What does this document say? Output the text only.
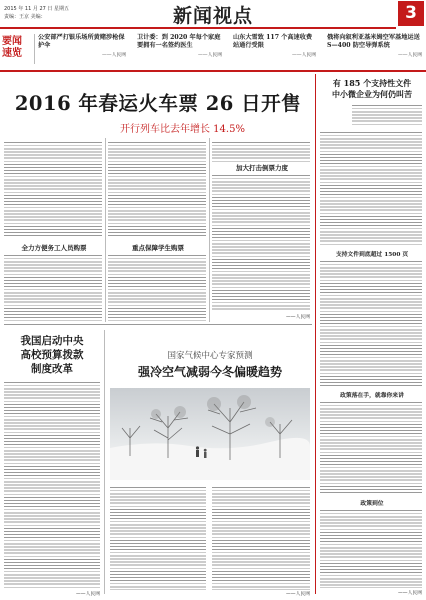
2015 年 11 月 27 日 星期五
责编：王京 美编：	新闻视点	3
要闻
速览
公安部严打银乐场所黄赌涉枪保护伞
——人民网
卫计委：到 2020 年每个家庭要拥有一名签约医生
——人民网
山东大雪致 117 个高速收费站通行受限
——人民网
俄将向叙利亚基米姆空军基地运送 S—400 防空导弹系统
——人民网
2016 年春运火车票 26 日开售
开行列车比去年增长 14.5%
全力方便务工人员购票	重点保障学生购票
加大打击倒票力度
——人民网
我国启动中央
高校预算拨款
制度改革
——人民网
国家气候中心专家预测
强冷空气减弱今冬偏暖趋势
——人民网
有 185 个支持性文件
中小微企业为何仍叫苦
支持文件到底超过 1500 页
政策落在手，就靠你来讲
政策到位
——人民网
